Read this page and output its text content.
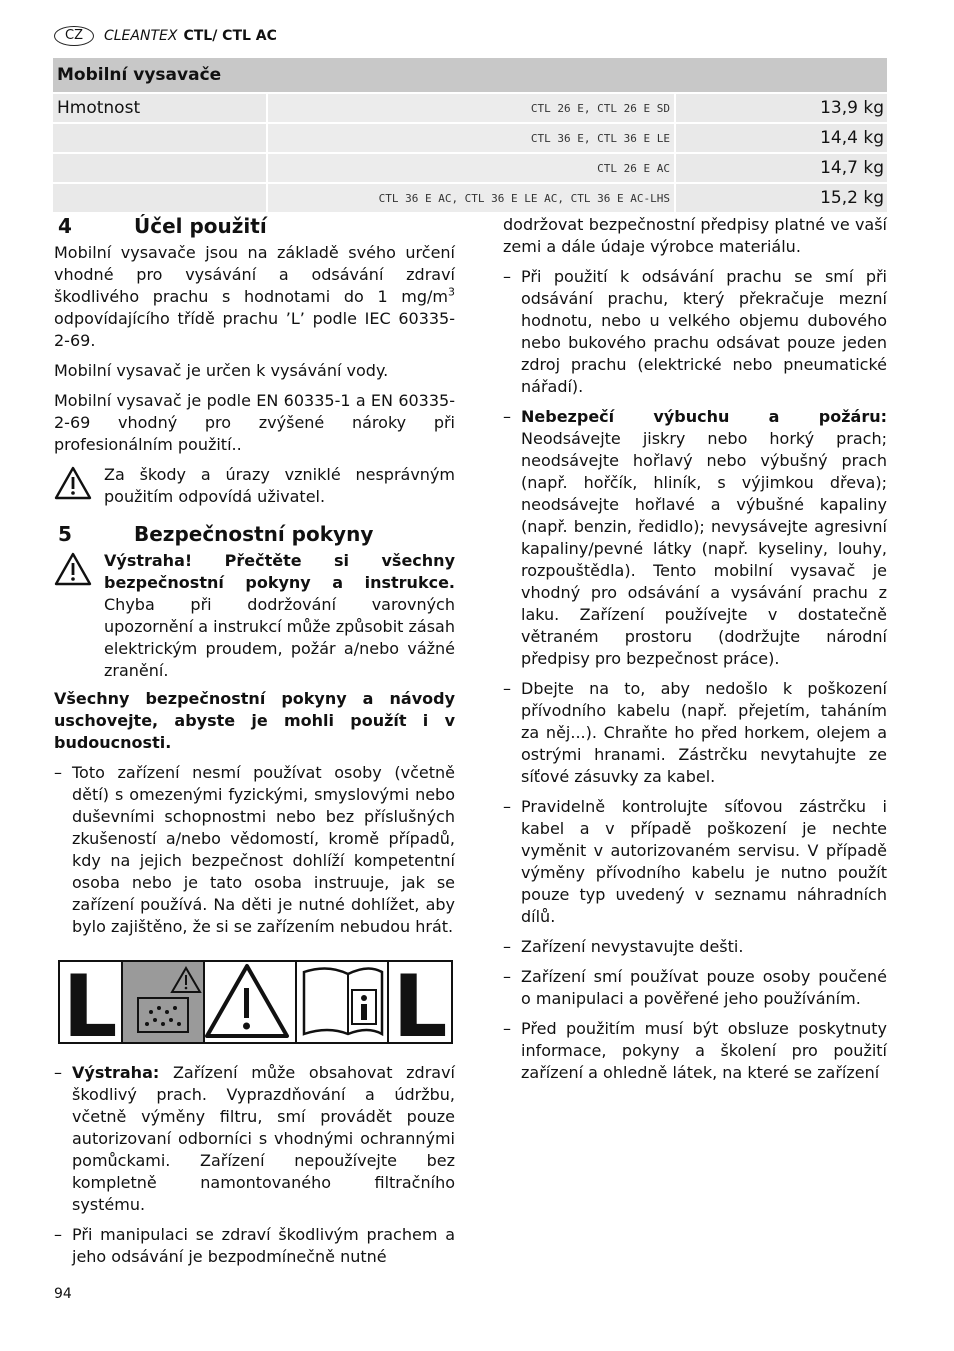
CZ	CLEANTEX CTL/ CTL AC
Mobilní vysavače		
Hmotnost	CTL 26 E, CTL 26 E SD	13,9 kg
	CTL 36 E, CTL 36 E LE	14,4 kg
	CTL 26 E AC	14,7 kg
	CTL 36 E AC, CTL 36 E LE AC, CTL 36 E AC-LHS	15,2 kg
4	Účel použití

Mobilní vysavače jsou na základě svého určení vhodné pro vysávání a odsávání zdraví škodlivého prachu s hodnotami do 1 $mg/m^3$ odpovídajícího třídě prachu ’L’ podle IEC 60335-2-69.

Mobilní vysavač je určen k vysávání vody.

Mobilní vysavač je podle EN 60335-1 a EN 60335-2-69 vhodný pro zvýšené nároky při profesionálním použití..

Za škody a úrazy vzniklé nesprávným použitím odpovídá uživatel.
5	Bezpečnostní pokyny
Výstraha! Přečtěte si všechny bezpečnostní pokyny a instrukce. Chyba při dodržování varovných upozornění a instrukcí může způsobit zásah elektrickým proudem, požár a/nebo vážné zranění.

Všechny bezpečnostní pokyny a návody uschovejte, abyste je mohli použít i v budoucnosti.

– Toto zařízení nesmí používat osoby (včetně dětí) s omezenými fyzickými, smyslovými nebo duševními schopnostmi nebo bez příslušných zkušeností a/nebo vědomostí, kromě případů, kdy na jejich bezpečnost dohlíží kompetentní osoba nebo je tato osoba instruuje, jak se zařízení používá. Na děti je nutné dohlížet, aby bylo zajištěno, že si se zařízením nebudou hrát.
L	L
– Výstraha: Zařízení může obsahovat zdraví škodlivý prach. Vyprazdňování a údržbu, včetně výměny filtru, smí provádět pouze autorizovaní odborníci s vhodnými ochrannými pomůckami. Zařízení nepoužívejte bez kompletně namontovaného filtračního systému.
– Při manipulaci se zdraví škodlivým prachem a jeho odsávání je bezpodmínečně nutné

dodržovat bezpečnostní předpisy platné ve vaší zemi a dále údaje výrobce materiálu.

– Při použití k odsávání prachu se smí při odsávání prachu, který překračuje mezní hodnotu, nebo u velkého objemu dubového nebo bukového prachu odsávat pouze jeden zdroj prachu (elektrické nebo pneumatické nářadí).
– Nebezpečí výbuchu a požáru: Neodsávejte jiskry nebo horký prach; neodsávejte hořlavý nebo výbušný prach (např. hořčík, hliník, s výjimkou dřeva); neodsávejte hořlavé a výbušné kapaliny (např. benzin, ředidlo); nevysávejte agresivní kapaliny/pevné látky (např. kyseliny, louhy, rozpouštědla). Tento mobilní vysavač je vhodný pro odsávání a vysávání prachu z laku. Zařízení používejte v dostatečně větraném prostoru (dodržujte národní předpisy pro bezpečnost práce).
– Dbejte na to, aby nedošlo k poškození přívodního kabelu (např. přejetím, taháním za něj...). Chraňte ho před horkem, olejem a ostrými hranami. Zástrčku nevytahujte ze síťové zásuvky za kabel.
– Pravidelně kontrolujte síťovou zástrčku i kabel a v případě poškození je nechte vyměnit v autorizovaném servisu. V případě výměny přívodního kabelu je nutno použít pouze typ uvedený v seznamu náhradních dílů.
– Zařízení nevystavujte dešti.
– Zařízení smí používat pouze osoby poučené o manipulaci a pověřené jeho používáním.
– Před použitím musí být obsluze poskytnuty informace, pokyny a školení pro použití zařízení a ohledně látek, na které se zařízení
94
